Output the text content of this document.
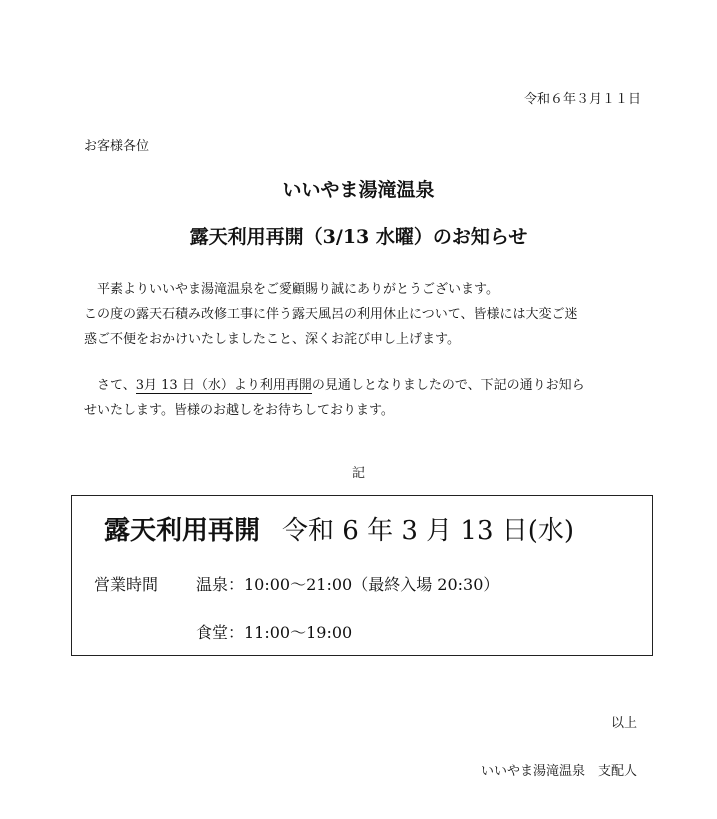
令和６年３月１１日
お客様各位
いいやま湯滝温泉
露天利用再開（3/13 水曜）のお知らせ
　平素よりいいやま湯滝温泉をご愛顧賜り誠にありがとうございます。
この度の露天石積み改修工事に伴う露天風呂の利用休止について、皆様には大変ご迷
惑ご不便をおかけいたしましたこと、深くお詫び申し上げます。
　さて、3月 13 日（水）より利用再開の見通しとなりましたので、下記の通りお知ら
せいたします。皆様のお越しをお待ちしております。
記
露天利用再開 令和 6 年 3 月 13 日(水)
営業時間 温泉：10:00～21:00（最終入場 20:30）
食堂：11:00～19:00
以上
いいやま湯滝温泉　支配人
